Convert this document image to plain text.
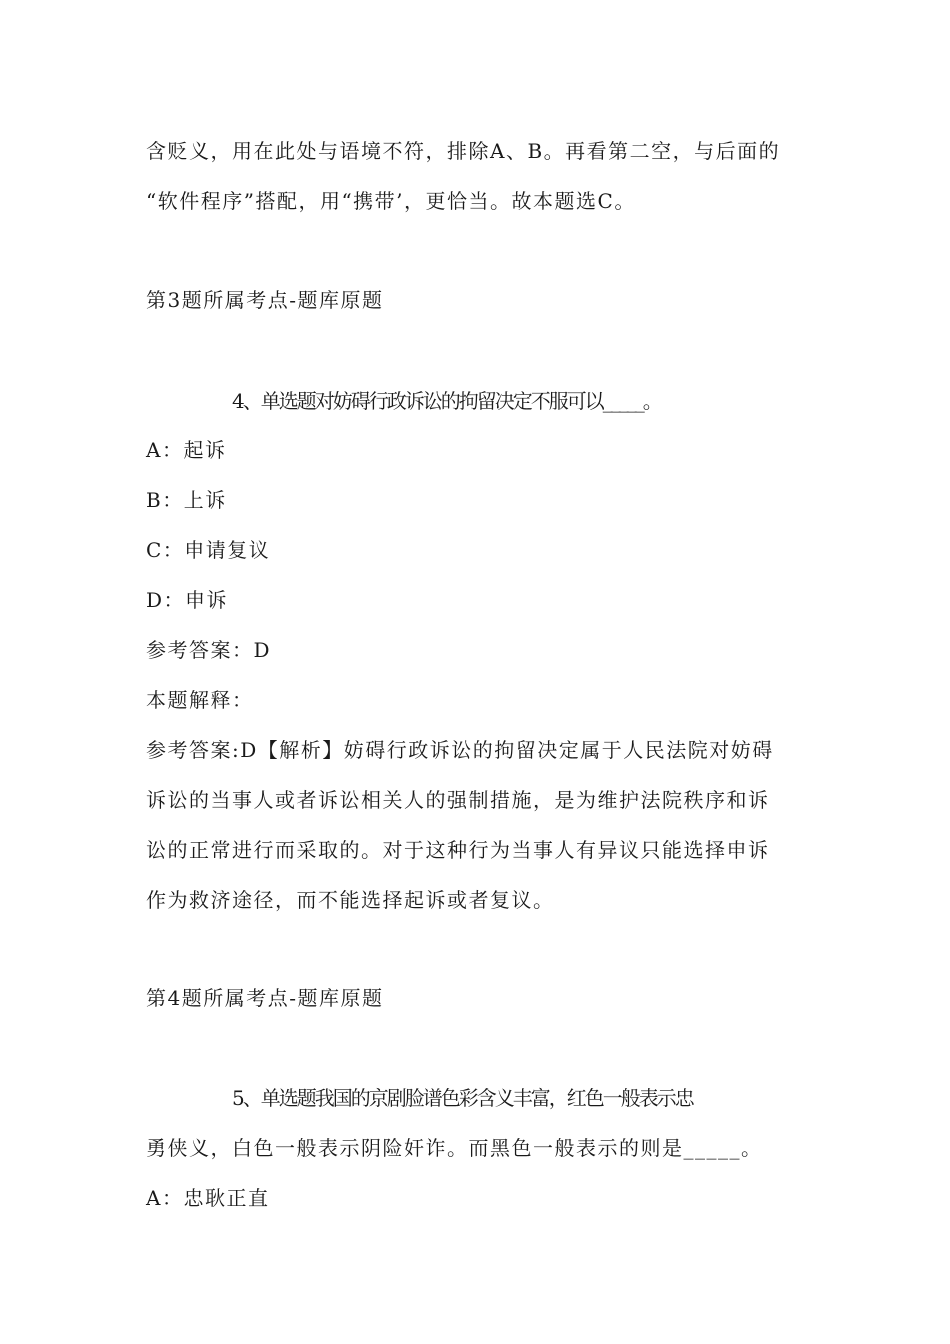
含贬义，用在此处与语境不符，排除A、B。再看第二空，与后面的
“软件程序”搭配，用“携带’，更恰当。故本题选C。
第3题所属考点-题库原题
4、单选题对妨碍行政诉讼的拘留决定不服可以_____。
A：起诉
B：上诉
C：申请复议
D：申诉
参考答案：D
本题解释：
参考答案:D【解析】妨碍行政诉讼的拘留决定属于人民法院对妨碍
诉讼的当事人或者诉讼相关人的强制措施，是为维护法院秩序和诉
讼的正常进行而采取的。对于这种行为当事人有异议只能选择申诉
作为救济途径，而不能选择起诉或者复议。
第4题所属考点-题库原题
5、单选题我国的京剧脸谱色彩含义丰富，红色一般表示忠
勇侠义，白色一般表示阴险奸诈。而黑色一般表示的则是_____。
A：忠耿正直
